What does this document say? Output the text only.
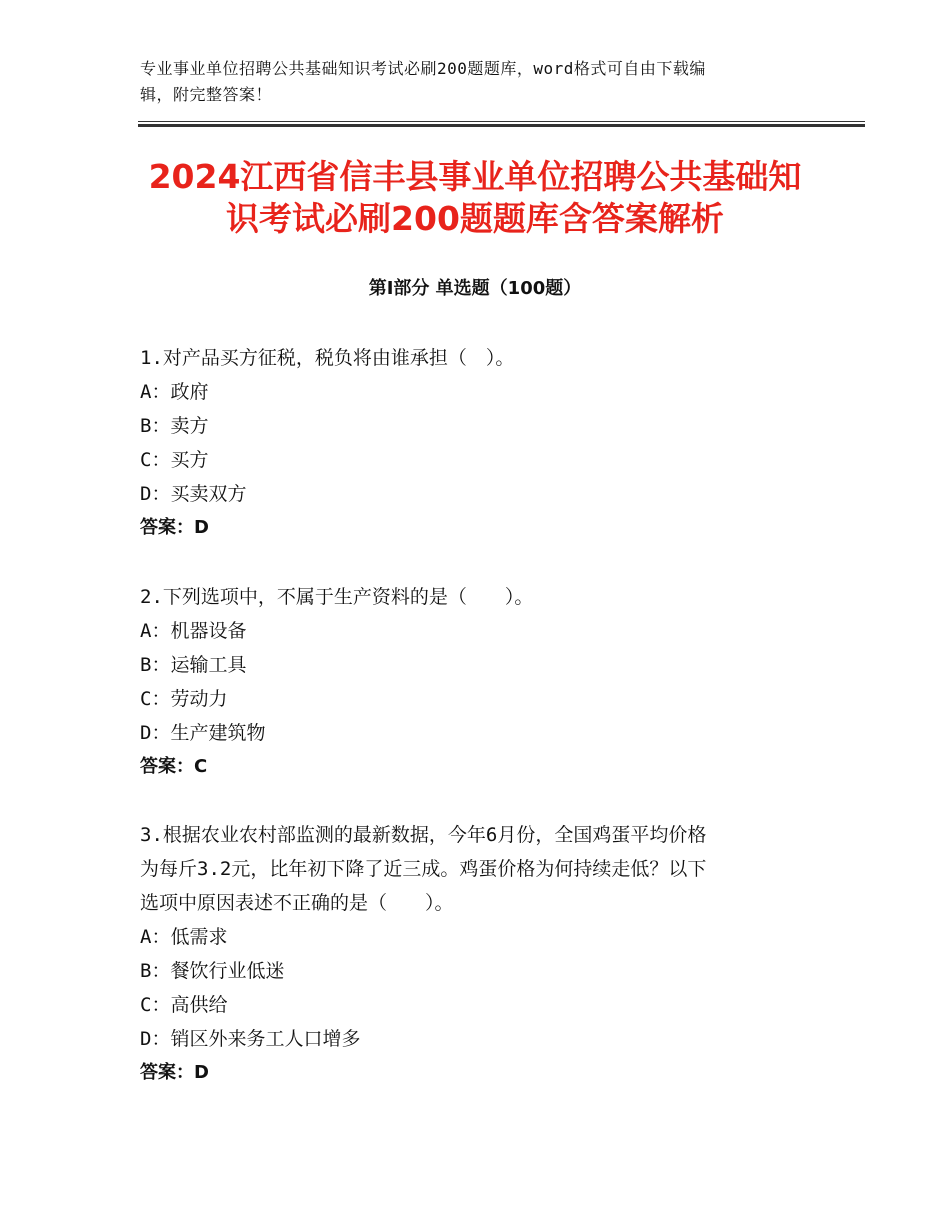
专业事业单位招聘公共基础知识考试必刷200题题库，word格式可自由下载编
辑，附完整答案！
2024江西省信丰县事业单位招聘公共基础知
识考试必刷200题题库含答案解析
第Ⅰ部分 单选题（100题）

1.对产品买方征税，税负将由谁承担（　）。

A：政府

B：卖方

C：买方

D：买卖双方

答案：D

2.下列选项中，不属于生产资料的是（　　）。

A：机器设备

B：运输工具

C：劳动力

D：生产建筑物

答案：C

3.根据农业农村部监测的最新数据，今年6月份，全国鸡蛋平均价格

为每斤3.2元，比年初下降了近三成。鸡蛋价格为何持续走低？以下

选项中原因表述不正确的是（　　）。

A：低需求

B：餐饮行业低迷

C：高供给

D：销区外来务工人口增多

答案：D
